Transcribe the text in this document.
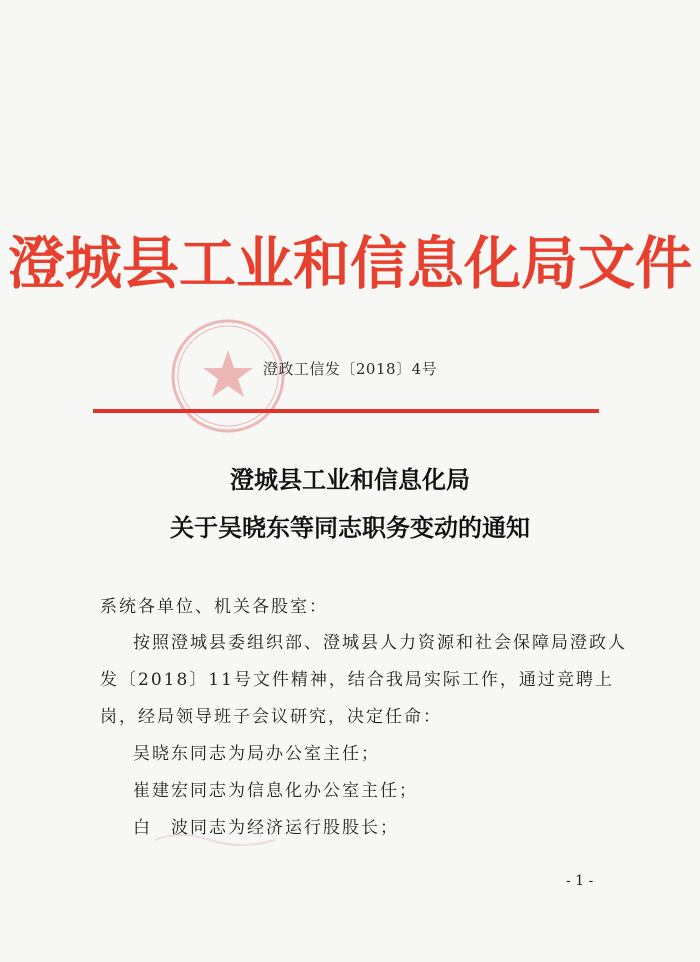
澄城县工业和信息化局文件
澄政工信发〔2018〕4号
澄城县工业和信息化局
关于吴晓东等同志职务变动的通知
系统各单位、机关各股室：
按照澄城县委组织部、澄城县人力资源和社会保障局澄政人
发〔2018〕11号文件精神，结合我局实际工作，通过竞聘上
岗，经局领导班子会议研究，决定任命：
吴晓东同志为局办公室主任；
崔建宏同志为信息化办公室主任；
白　波同志为经济运行股股长；
- 1 -
